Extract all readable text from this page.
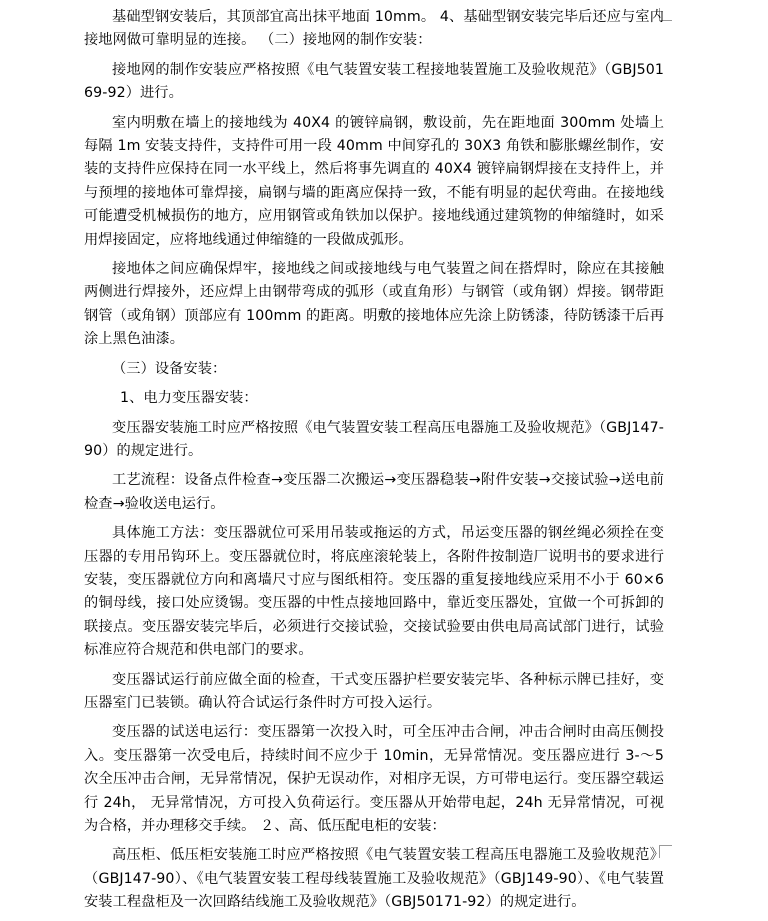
基础型钢安装后，其顶部宜高出抹平地面 10mm。 4、基础型钢安装完毕后还应与室内接地网做可靠明显的连接。 （二）接地网的制作安装：

接地网的制作安装应严格按照《电气装置安装工程接地装置施工及验收规范》（GBJ50169-92）进行。

室内明敷在墙上的接地线为 40X4 的镀锌扁钢，敷设前，先在距地面 300mm 处墙上每隔 1m 安装支持件，支持件可用一段 40mm 中间穿孔的 30X3 角铁和膨胀螺丝制作，安装的支持件应保持在同一水平线上，然后将事先调直的 40X4 镀锌扁钢焊接在支持件上，并与预埋的接地体可靠焊接，扁钢与墙的距离应保持一致，不能有明显的起伏弯曲。在接地线可能遭受机械损伤的地方，应用钢管或角铁加以保护。接地线通过建筑物的伸缩缝时，如采用焊接固定，应将地线通过伸缩缝的一段做成弧形。

接地体之间应确保焊牢，接地线之间或接地线与电气装置之间在搭焊时，除应在其接触两侧进行焊接外，还应焊上由钢带弯成的弧形（或直角形）与钢管（或角钢）焊接。钢带距钢管（或角钢）顶部应有 100mm 的距离。明敷的接地体应先涂上防锈漆，待防锈漆干后再涂上黑色油漆。

（三）设备安装：

1、电力变压器安装：

变压器安装施工时应严格按照《电气装置安装工程高压电器施工及验收规范》（GBJ147-90）的规定进行。

工艺流程：设备点件检查→变压器二次搬运→变压器稳装→附件安装→交接试验→送电前检查→验收送电运行。

具体施工方法：变压器就位可采用吊装或拖运的方式，吊运变压器的钢丝绳必须拴在变压器的专用吊钩环上。变压器就位时，将底座滚轮装上，各附件按制造厂说明书的要求进行安装，变压器就位方向和离墙尺寸应与图纸相符。变压器的重复接地线应采用不小于 60×6 的铜母线，接口处应烫锡。变压器的中性点接地回路中，靠近变压器处，宜做一个可拆卸的联接点。变压器安装完毕后，必须进行交接试验，交接试验要由供电局高试部门进行，试验标准应符合规范和供电部门的要求。

变压器试运行前应做全面的检查，干式变压器护栏要安装完毕、各种标示牌已挂好，变压器室门已装锁。确认符合试运行条件时方可投入运行。

变压器的试送电运行：变压器第一次投入时，可全压冲击合闸，冲击合闸时由高压侧投入。变压器第一次受电后，持续时间不应少于 10min，无异常情况。变压器应进行 3-～5 次全压冲击合闸，无异常情况，保护无误动作，对相序无误，方可带电运行。变压器空载运行 24h， 无异常情况，方可投入负荷运行。变压器从开始带电起，24h 无异常情况，可视为合格，并办理移交手续。 ２、高、低压配电柜的安装：

高压柜、低压柜安装施工时应严格按照《电气装置安装工程高压电器施工及验收规范》（GBJ147-90）、《电气装置安装工程母线装置施工及验收规范》（GBJ149-90）、《电气装置安装工程盘柜及一次回路结线施工及验收规范》（GBJ50171-92）的规定进行。
